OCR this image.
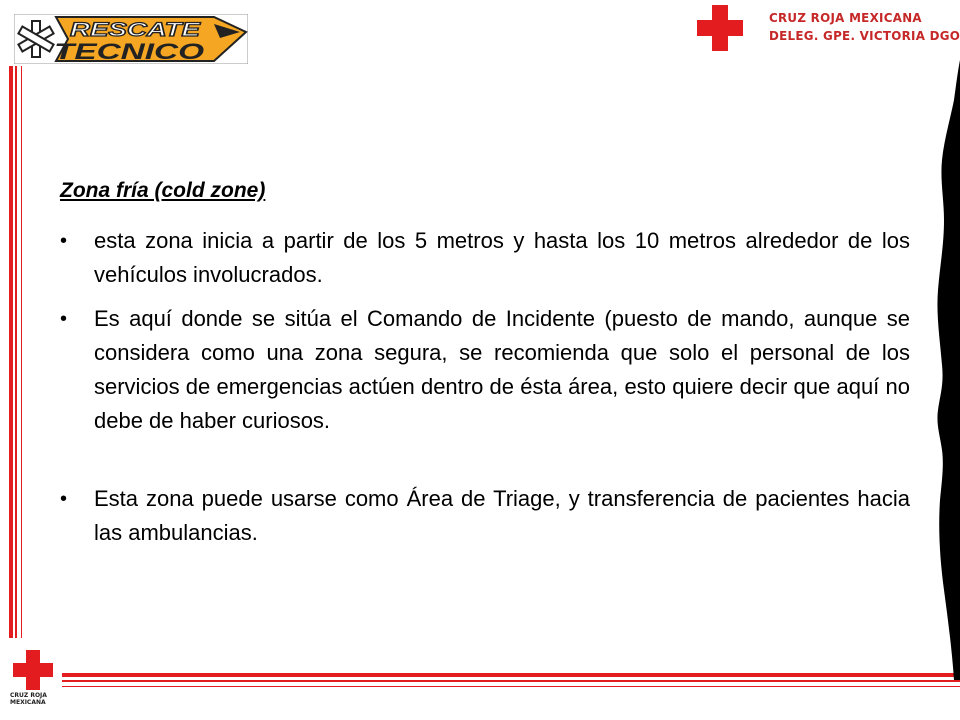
RESCATE
TECNICO
CRUZ ROJA MEXICANA
DELEG. GPE. VICTORIA DGO
Zona fría (cold zone)
• esta zona inicia a partir de los 5 metros y hasta los 10 metros alrededor de los vehículos involucrados.
• Es aquí donde se sitúa el Comando de Incidente (puesto de mando, aunque se considera como una zona segura, se recomienda que solo el personal de los servicios de emergencias actúen dentro de ésta área, esto quiere decir que aquí no debe de haber curiosos.
• Esta zona puede usarse como Área de Triage, y transferencia de pacientes hacia las ambulancias.
CRUZ ROJA
MEXICANA
